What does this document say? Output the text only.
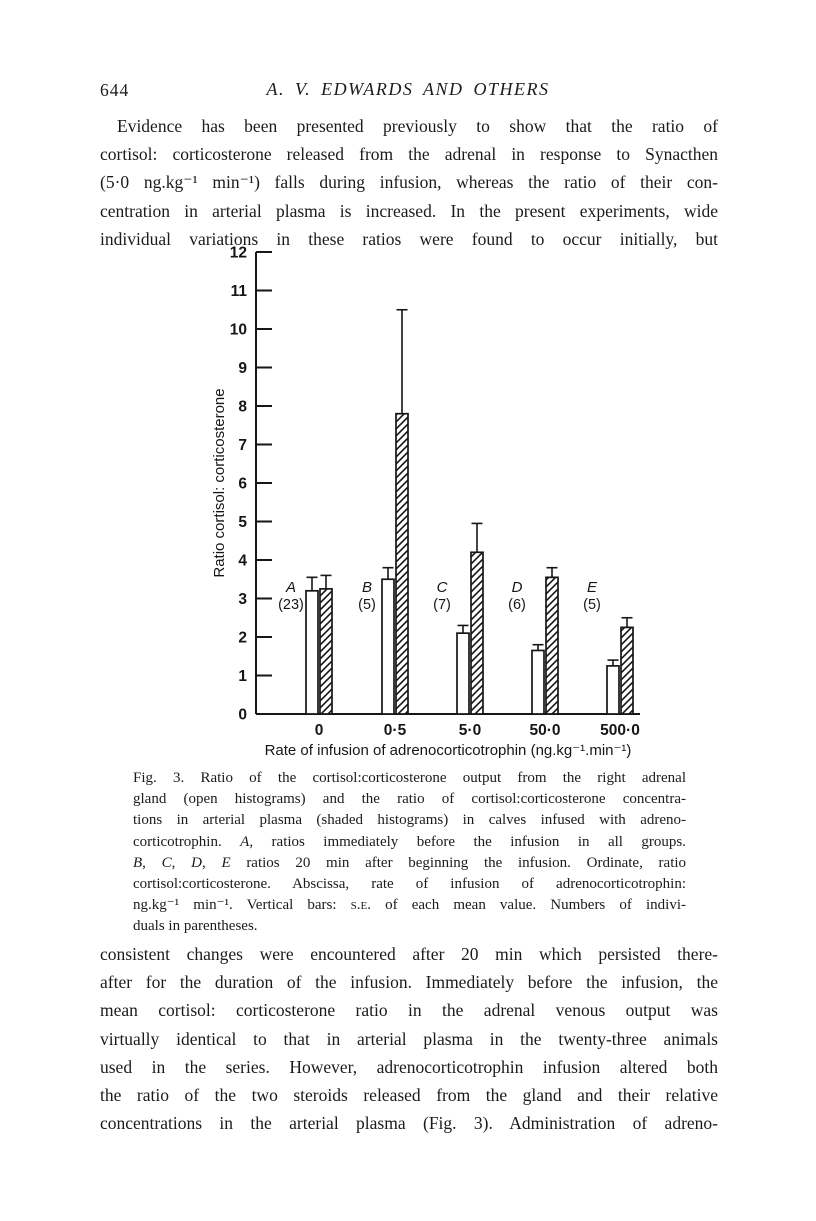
644	A. V. EDWARDS AND OTHERS
Evidence has been presented previously to show that the ratio of
cortisol: corticosterone released from the adrenal in response to Synacthen
(5·0 ng.kg⁻¹ min⁻¹) falls during infusion, whereas the ratio of their con-
centration in arterial plasma is increased. In the present experiments, wide
individual variations in these ratios were found to occur initially, but
0
1
2
3
4
5
6
7
8
9
10
11
12
A
(23)
0
B
(5)
0·5
C
(7)
5·0
D
(6)
50·0
E
(5)
500·0
Ratio cortisol: corticosterone
Rate of infusion of adrenocorticotrophin (ng.kg⁻¹.min⁻¹)
Fig. 3. Ratio of the cortisol:corticosterone output from the right adrenal
gland (open histograms) and the ratio of cortisol:corticosterone concentra-
tions in arterial plasma (shaded histograms) in calves infused with adreno-
corticotrophin. A, ratios immediately before the infusion in all groups.
B, C, D, E ratios 20 min after beginning the infusion. Ordinate, ratio
cortisol:corticosterone. Abscissa, rate of infusion of adrenocorticotrophin:
ng.kg⁻¹ min⁻¹. Vertical bars: s.e. of each mean value. Numbers of indivi-
duals in parentheses.
consistent changes were encountered after 20 min which persisted there-
after for the duration of the infusion. Immediately before the infusion, the
mean cortisol: corticosterone ratio in the adrenal venous output was
virtually identical to that in arterial plasma in the twenty-three animals
used in the series. However, adrenocorticotrophin infusion altered both
the ratio of the two steroids released from the gland and their relative
concentrations in the arterial plasma (Fig. 3). Administration of adreno-
